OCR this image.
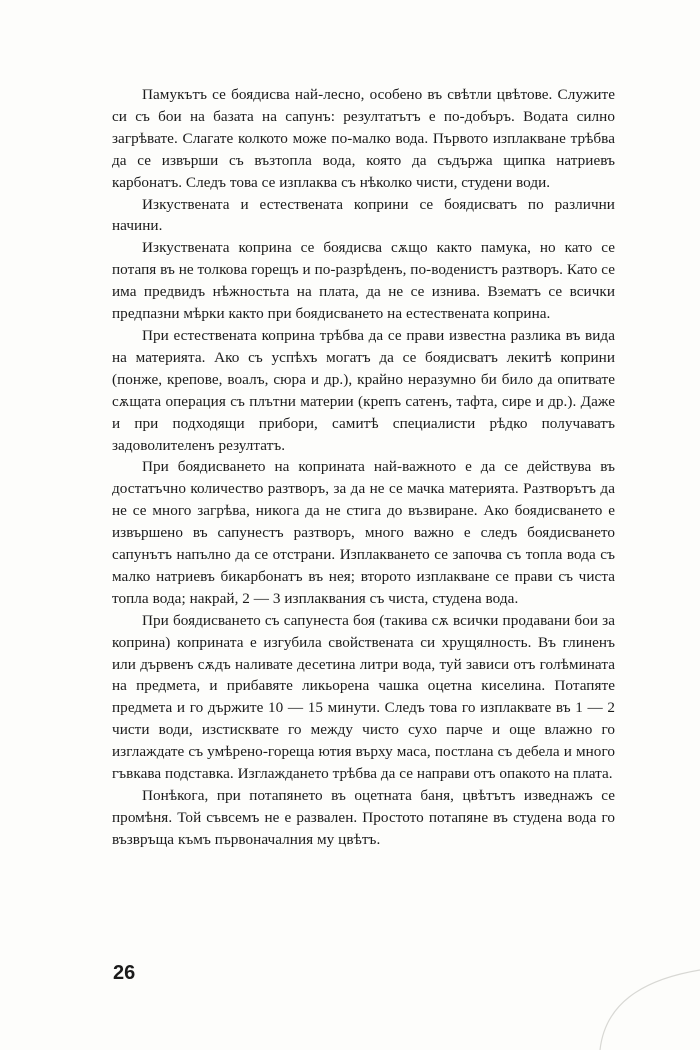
Памукътъ се боядисва най-лесно, особено въ свѣтли цвѣтове. Служите си съ бои на базата на сапунъ: резултатътъ е по-добъръ. Водата силно загрѣвате. Слагате колкото може по-малко вода. Първото изплакване трѣбва да се извърши съ възтопла вода, която да съдържа щипка натриевъ карбонатъ. Следъ това се изплаква съ нѣколко чисти, студени води.

Изкуствената и естествената коприни се боядисватъ по различни начини.

Изкуствената коприна се боядисва сѫщо както памука, но като се потапя въ не толкова горещъ и по-разрѣденъ, по-воденистъ разтворъ. Като се има предвидъ нѣжностьта на плата, да не се изнива. Взематъ се всички предпазни мѣрки както при боядисването на естествената коприна.

При естествената коприна трѣбва да се прави известна разлика въ вида на материята. Ако съ успѣхъ могатъ да се боядисватъ лекитѣ коприни (понже, крепове, воалъ, сюра и др.), крайно неразумно би било да опитвате сѫщата операция съ плътни материи (крепъ сатенъ, тафта, сире и др.). Даже и при подходящи прибори, самитѣ специалисти рѣдко получаватъ задоволителенъ резултатъ.

При боядисването на коприната най-важното е да се действува въ достатъчно количество разтворъ, за да не се мачка материята. Разтворътъ да не се много загрѣва, никога да не стига до възвиране. Ако боядисването е извършено въ сапунестъ разтворъ, много важно е следъ боядисването сапунътъ напълно да се отстрани. Изплакването се започва съ топла вода съ малко натриевъ бикарбонатъ въ нея; второто изплакване се прави съ чиста топла вода; накрай, 2 — 3 изплаквания съ чиста, студена вода.

При боядисването съ сапунеста боя (такива сѫ всички продавани бои за коприна) коприната е изгубила свойствената си хрущялность. Въ глиненъ или дървенъ сѫдъ наливате десетина литри вода, туй зависи отъ голѣмината на предмета, и прибавяте ликьорена чашка оцетна киселина. Потапяте предмета и го държите 10 — 15 минути. Следъ това го изплаквате въ 1 — 2 чисти води, изстисквате го между чисто сухо парче и още влажно го изглаждате съ умѣрено-гореща ютия върху маса, постлана съ дебела и много гъвкава подставка. Изглаждането трѣбва да се направи отъ опакото на плата.

Понѣкога, при потапянето въ оцетната баня, цвѣтътъ изведнажъ се промѣня. Той съвсемъ не е развален. Простото потапяне въ студена вода го възвръща къмъ първоначалния му цвѣтъ.

26
